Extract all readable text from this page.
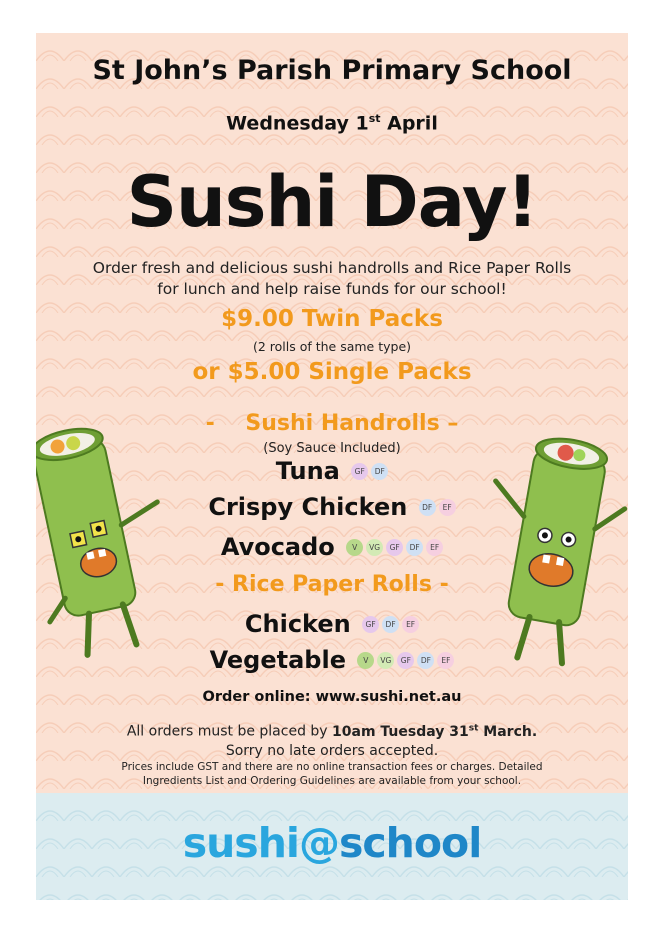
St John’s Parish Primary School
Wednesday 1st April
Sushi Day!
Order fresh and delicious sushi handrolls and Rice Paper Rolls
for lunch and help raise funds for our school!
$9.00 Twin Packs
(2 rolls of the same type)
or $5.00 Single Packs
-    Sushi Handrolls –
(Soy Sauce Included)
Tuna GF DF
Crispy Chicken DF EF
Avocado V VG GF DF EF
- Rice Paper Rolls -
Chicken GF DF EF
Vegetable V VG GF DF EF
Order online: www.sushi.net.au
All orders must be placed by 10am Tuesday 31st March.
Sorry no late orders accepted.
Prices include GST and there are no online transaction fees or charges. Detailed
Ingredients List and Ordering Guidelines are available from your school.
sushi@school
